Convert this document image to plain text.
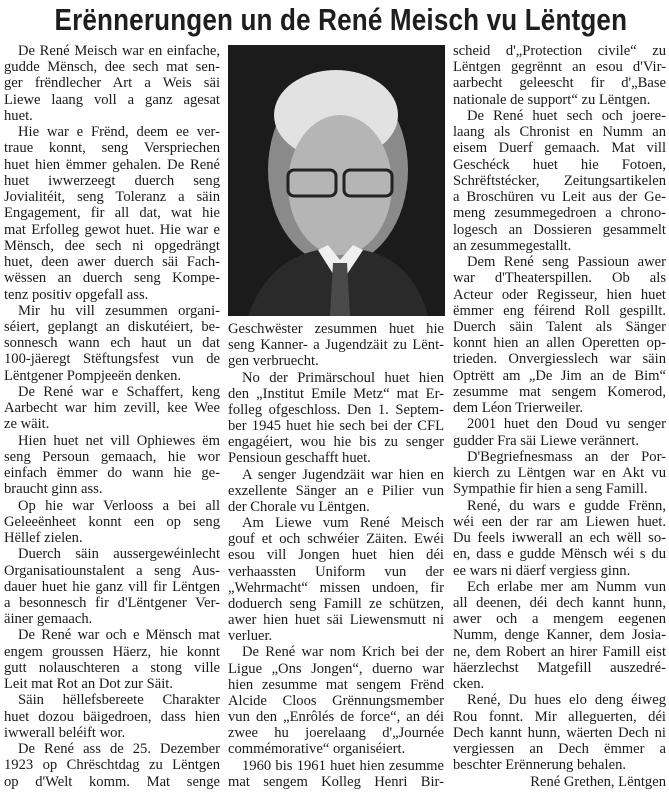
Erënnerungen un de René Meisch vu Lëntgen
De René Meisch war en einfache,
gudde Mënsch, dee sech mat sen-
ger frëndlecher Art a Weis säi
Liewe laang voll a ganz agesat
huet.
Hie war e Frënd, deem ee ver-
traue konnt, seng Verspriechen
huet hien ëmmer gehalen. De René
huet iwwerzeegt duerch seng
Jovialitéit, seng Toleranz a säin
Engagement, fir all dat, wat hie
mat Erfolleg gewot huet. Hie war e
Mënsch, dee sech ni opgedrängt
huet, deen awer duerch säi Fach-
wëssen an duerch seng Kompe-
tenz positiv opgefall ass.
Mir hu vill zesummen organi-
séiert, geplangt an diskutéiert, be-
sonnesch wann ech haut un dat
100-jäeregt Stëftungsfest vun de
Lëntgener Pompjeeën denken.
De René war e Schaffert, keng
Aarbecht war him zevill, kee Wee
ze wäit.
Hien huet net vill Ophiewes ëm
seng Persoun gemaach, hie wor
einfach ëmmer do wann hie ge-
braucht ginn ass.
Op hie war Verlooss a bei all
Geleeënheet konnt een op seng
Hëllef zielen.
Duerch säin aussergewéinlecht
Organisatiounstalent a seng Aus-
dauer huet hie ganz vill fir Lëntgen
a besonnesch fir d'Lëntgener Ver-
äiner gemaach.
De René war och e Mënsch mat
engem groussen Häerz, hie konnt
gutt nolauschteren a stong ville
Leit mat Rot an Dot zur Säit.
Säin hëllefsbereete Charakter
huet dozou bäigedroen, dass hien
iwwerall beléift wor.
De René ass de 25. Dezember
1923 op Chrëschtdag zu Lëntgen
op d'Welt komm. Mat senge
Geschwëster zesummen huet hie
seng Kanner- a Jugendzäit zu Lënt-
gen verbruecht.
No der Primärschoul huet hien
den „Institut Emile Metz“ mat Er-
folleg ofgeschloss. Den 1. Septem-
ber 1945 huet hie sech bei der CFL
engagéiert, wou hie bis zu senger
Pensioun geschafft huet.
A senger Jugendzäit war hien en
exzellente Sänger an e Pilier vun
der Chorale vu Lëntgen.
Am Liewe vum René Meisch
gouf et och schwéier Zäiten. Ewéi
esou vill Jongen huet hien déi
verhaassten Uniform vun der
„Wehrmacht“ missen undoen, fir
doduerch seng Famill ze schützen,
awer hien huet säi Liewensmutt ni
verluer.
De René war nom Krich bei der
Ligue „Ons Jongen“, duerno war
hien zesumme mat sengem Frënd
Alcide Cloos Grënnungsmember
vun den „Enrôlés de force“, an déi
zwee hu joerelaang d'„Journée
commémorative“ organiséiert.
1960 bis 1961 huet hien zesumme
mat sengem Kolleg Henri Bir-
scheid d'„Protection civile“ zu
Lëntgen gegrënnt an esou d'Vir-
aarbecht geleescht fir d'„Base
nationale de support“ zu Lëntgen.
De René huet sech och joere-
laang als Chronist en Numm an
eisem Duerf gemaach. Mat vill
Geschéck huet hie Fotoen,
Schrëftstécker, Zeitungsartikelen
a Broschüren vu Leit aus der Ge-
meng zesummegedroen a chrono-
logesch an Dossieren gesammelt
an zesummegestallt.
Dem René seng Passioun awer
war d'Theaterspillen. Ob als
Acteur oder Regisseur, hien huet
ëmmer eng féirend Roll gespillt.
Duerch säin Talent als Sänger
konnt hien an allen Operetten op-
trieden. Onvergiesslech war säin
Optrëtt am „De Jim an de Bim“
zesumme mat sengem Komerod,
dem Léon Trierweiler.
2001 huet den Doud vu senger
gudder Fra säi Liewe verännert.
D'Begriefnesmass an der Por-
kierch zu Lëntgen war en Akt vu
Sympathie fir hien a seng Famill.
René, du wars e gudde Frënn,
wéi een der rar am Liewen huet.
Du feels iwwerall an ech wëll so-
en, dass e gudde Mënsch wéi s du
ee wars ni däerf vergiess ginn.
Ech erlabe mer am Numm vun
all deenen, déi dech kannt hunn,
awer och a mengem eegenen
Numm, denge Kanner, dem Josia-
ne, dem Robert an hirer Famill eist
häerzlechst Matgefill auszedré-
cken.
René, Du hues elo deng éiweg
Rou fonnt. Mir alleguerten, déi
Dech kannt hunn, wäerten Dech ni
vergiessen an Dech ëmmer a
beschter Erënnerung behalen.
René Grethen, Lëntgen
